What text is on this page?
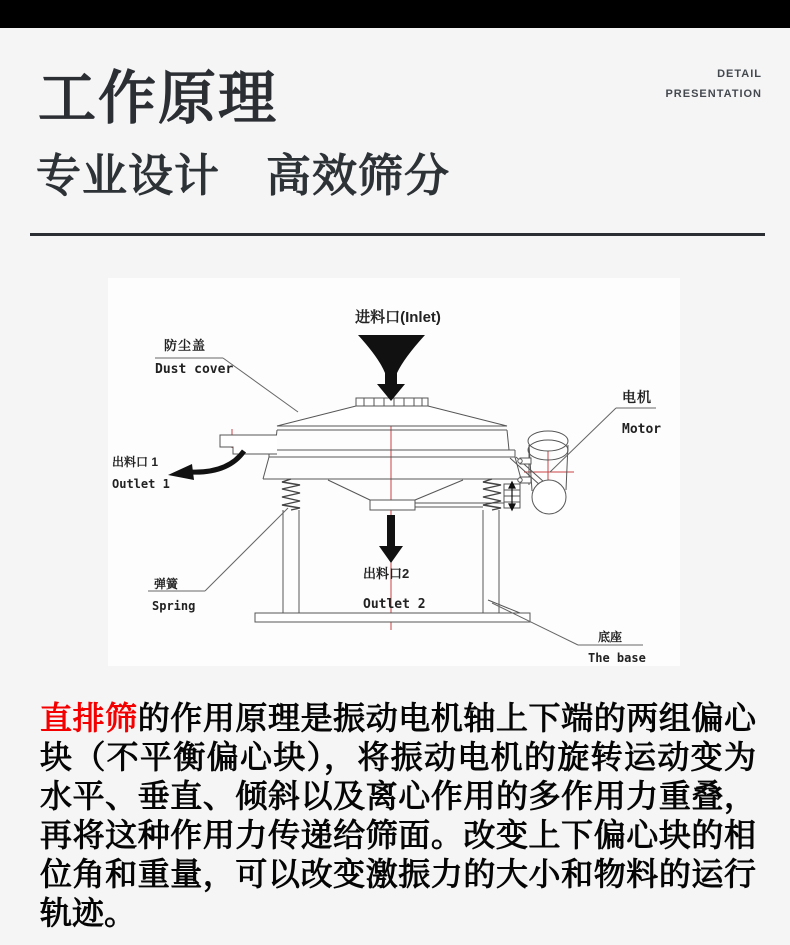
DETAIL
PRESENTATION
工作原理
专业设计　高效筛分
进料口(Inlet)
防尘盖
Dust cover
电机
Motor
出料口 1
Outlet 1
弹簧
Spring
出料口2
Outlet 2
底座
The base

直排筛的作用原理是振动电机轴上下端的两组偏心块（不平衡偏心块），将振动电机的旋转运动变为水平、垂直、倾斜以及离心作用的多作用力重叠，再将这种作用力传递给筛面。改变上下偏心块的相位角和重量，可以改变激振力的大小和物料的运行轨迹。
